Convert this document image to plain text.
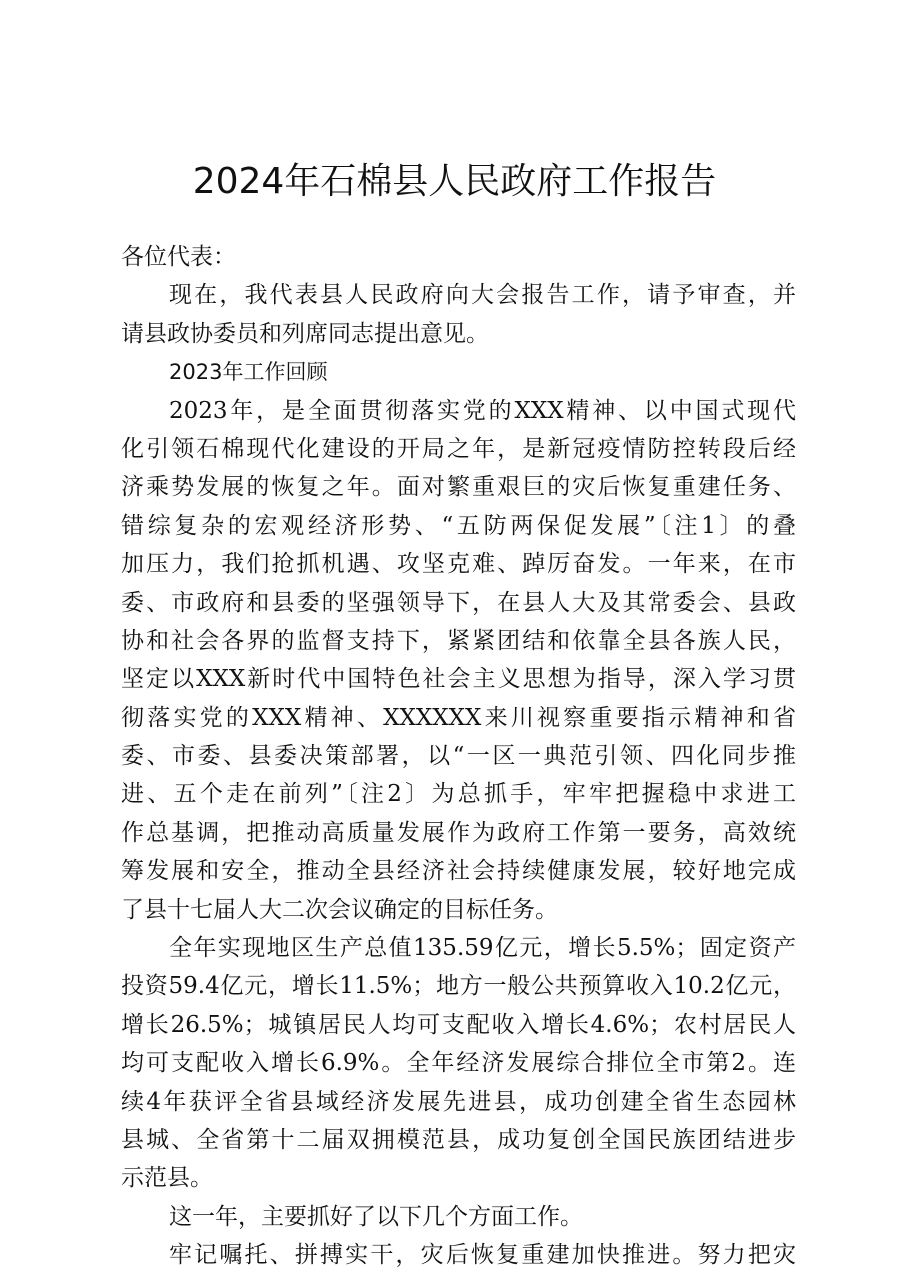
2024年石棉县人民政府工作报告
各位代表：
现在，我代表县人民政府向大会报告工作，请予审查，并
请县政协委员和列席同志提出意见。
2023年工作回顾
2023年，是全面贯彻落实党的XXX精神、以中国式现代
化引领石棉现代化建设的开局之年，是新冠疫情防控转段后经
济乘势发展的恢复之年。面对繁重艰巨的灾后恢复重建任务、
错综复杂的宏观经济形势、“五防两保促发展”〔注1〕的叠
加压力，我们抢抓机遇、攻坚克难、踔厉奋发。一年来，在市
委、市政府和县委的坚强领导下，在县人大及其常委会、县政
协和社会各界的监督支持下，紧紧团结和依靠全县各族人民，
坚定以XXX新时代中国特色社会主义思想为指导，深入学习贯
彻落实党的XXX精神、XXXXXX来川视察重要指示精神和省
委、市委、县委决策部署，以“一区一典范引领、四化同步推
进、五个走在前列”〔注2〕为总抓手，牢牢把握稳中求进工
作总基调，把推动高质量发展作为政府工作第一要务，高效统
筹发展和安全，推动全县经济社会持续健康发展，较好地完成
了县十七届人大二次会议确定的目标任务。
全年实现地区生产总值135.59亿元，增长5.5%；固定资产
投资59.4亿元，增长11.5%；地方一般公共预算收入10.2亿元，
增长26.5%；城镇居民人均可支配收入增长4.6%；农村居民人
均可支配收入增长6.9%。全年经济发展综合排位全市第2。连
续4年获评全省县域经济发展先进县，成功创建全省生态园林
县城、全省第十二届双拥模范县，成功复创全国民族团结进步
示范县。
这一年，主要抓好了以下几个方面工作。
牢记嘱托、拼搏实干，灾后恢复重建加快推进。努力把灾
